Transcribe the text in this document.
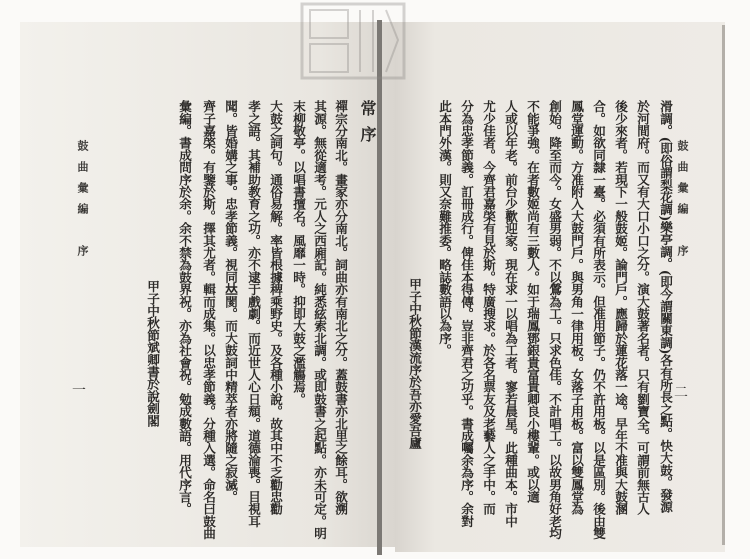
鼓曲彙編　序
二
滑調。(即俗謂梨花調)樂亭調。(即今謂關東調)各有所長之點。快大鼓。發源
於河間府。而又有大口小口之分。演大鼓著名者。只有劉寶全。可謂前無古人
後少來者。若現下一般鼓姬。論門戶。應歸於蓮花落一途。早年不准與大鼓溷
合。如欲同隸一臺。必須有所表示。但准用節子。仍不許用板。以是區別。後由雙
鳳堂運動。方准附入大鼓門戶。與男角一律用板。女落子用板。富以雙鳳堂為
創始。降至而今。女盛男弱。不以鶯為工。只求色佳。不計唱工。以故男角好老均
不能爭強。在者數姬尚有三數人。如于瑞鳳鄧銀貴富貴卿良小樓輩。或以適
人或以年老。前台少歡迎家。現在求一以唱為工者。寥若晨星。此種曲本。市中
尤少佳者。今齊君嘉棨有見於斯。特廣搜求。於各名票友及老藝人之手中。而
分為忠孝節義。訂冊成行。俾佳本得傳。豈非齊君之功乎。書成囑余為序。余對
此本門外漢。則又奈難推委。略誌數語以為序。
甲子中秋節漢流序於吾亦愛吾廬
常序
禪宗分南北。畫家亦分南北。詞曲亦有南北之分。蓋鼓書亦北里之餘耳。欲溯
其源。無從適考。元人之西廂記。純悉絃索北調。或即鼓書之起點。亦未可定。明
末柳敬亭。以唱書擅名。風靡一時。抑即大鼓之濫觴焉。
大鼓之詞句。通俗易解。率皆根據稗乘野史。及各種小說。故其中不乏勸忠勸
孝之語。其補助教育之功。亦不逮于戲劇。而近世人心日頹。道德淪喪。目視耳
聞。皆婚媾之事。忠孝節義。視同𠀤閡。而大鼓詞中精萃者亦將隨之寂滅。
齊子嘉棨。有鑒於斯。擇其尤者。輯而成集。以忠孝節義。分種入選。命名曰鼓曲
彙編。書成問序於余。余不禁為鼓界祝。亦為社會祝。勉成數語。用代序言。
甲子中秋節斌卿書於說劍閣
鼓曲彙編　序
一
